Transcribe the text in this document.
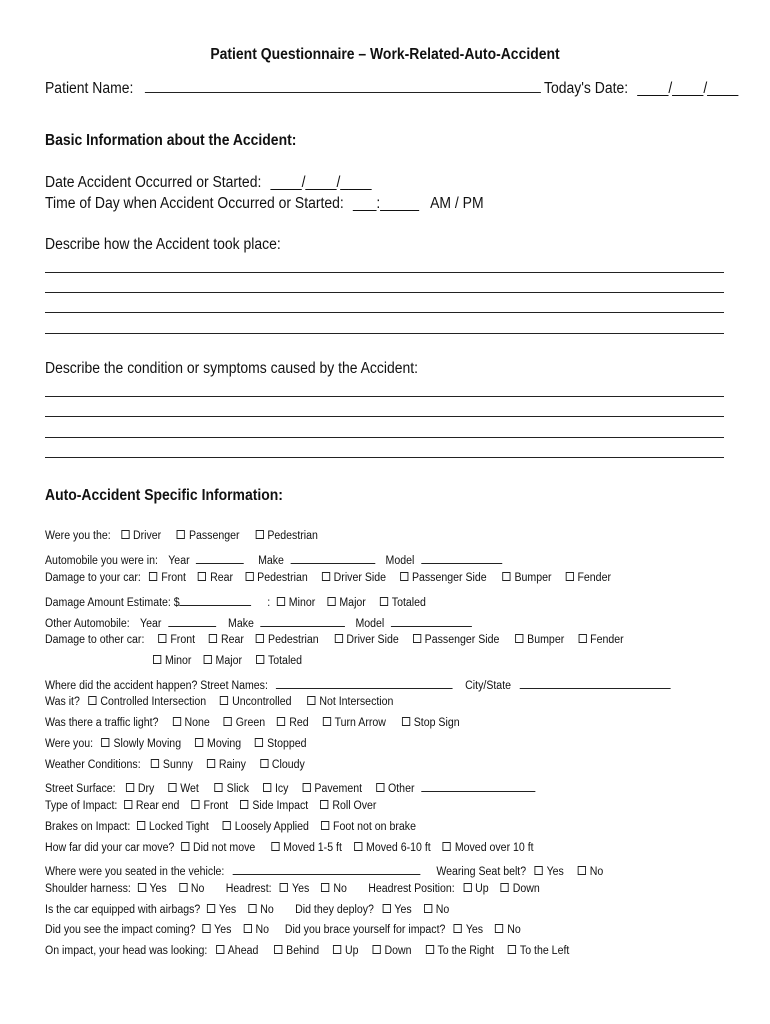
Patient Questionnaire – Work-Related-Auto-Accident
Patient Name:	Today's Date: ____/____/____
Basic Information about the Accident:
Date Accident Occurred or Started: ____/____/____
Time of Day when Accident Occurred or Started: ___:_____ AM / PM
Describe how the Accident took place:
Describe the condition or symptoms caused by the Accident:
Auto-Accident Specific Information:
Were you the: Driver Passenger Pedestrian
Automobile you were in: Year	Make	Model
Damage to your car: Front Rear Pedestrian Driver Side Passenger Side Bumper Fender
Damage Amount Estimate: $	: Minor Major Totaled
Other Automobile: Year	Make	Model
Damage to other car: Front Rear Pedestrian Driver Side Passenger Side Bumper Fender
Minor Major Totaled
Where did the accident happen? Street Names:	City/State
Was it? Controlled Intersection Uncontrolled Not Intersection
Was there a traffic light? None Green Red Turn Arrow Stop Sign
Were you: Slowly Moving Moving Stopped
Weather Conditions: Sunny Rainy Cloudy
Street Surface: Dry Wet Slick Icy Pavement Other
Type of Impact: Rear end Front Side Impact Roll Over
Brakes on Impact: Locked Tight Loosely Applied Foot not on brake
How far did your car move? Did not move Moved 1-5 ft Moved 6-10 ft Moved over 10 ft
Where were you seated in the vehicle:	Wearing Seat belt? Yes No
Shoulder harness: Yes No Headrest: Yes No Headrest Position: Up Down
Is the car equipped with airbags? Yes No Did they deploy? Yes No
Did you see the impact coming? Yes No Did you brace yourself for impact? Yes No
On impact, your head was looking: Ahead Behind Up Down To the Right To the Left
